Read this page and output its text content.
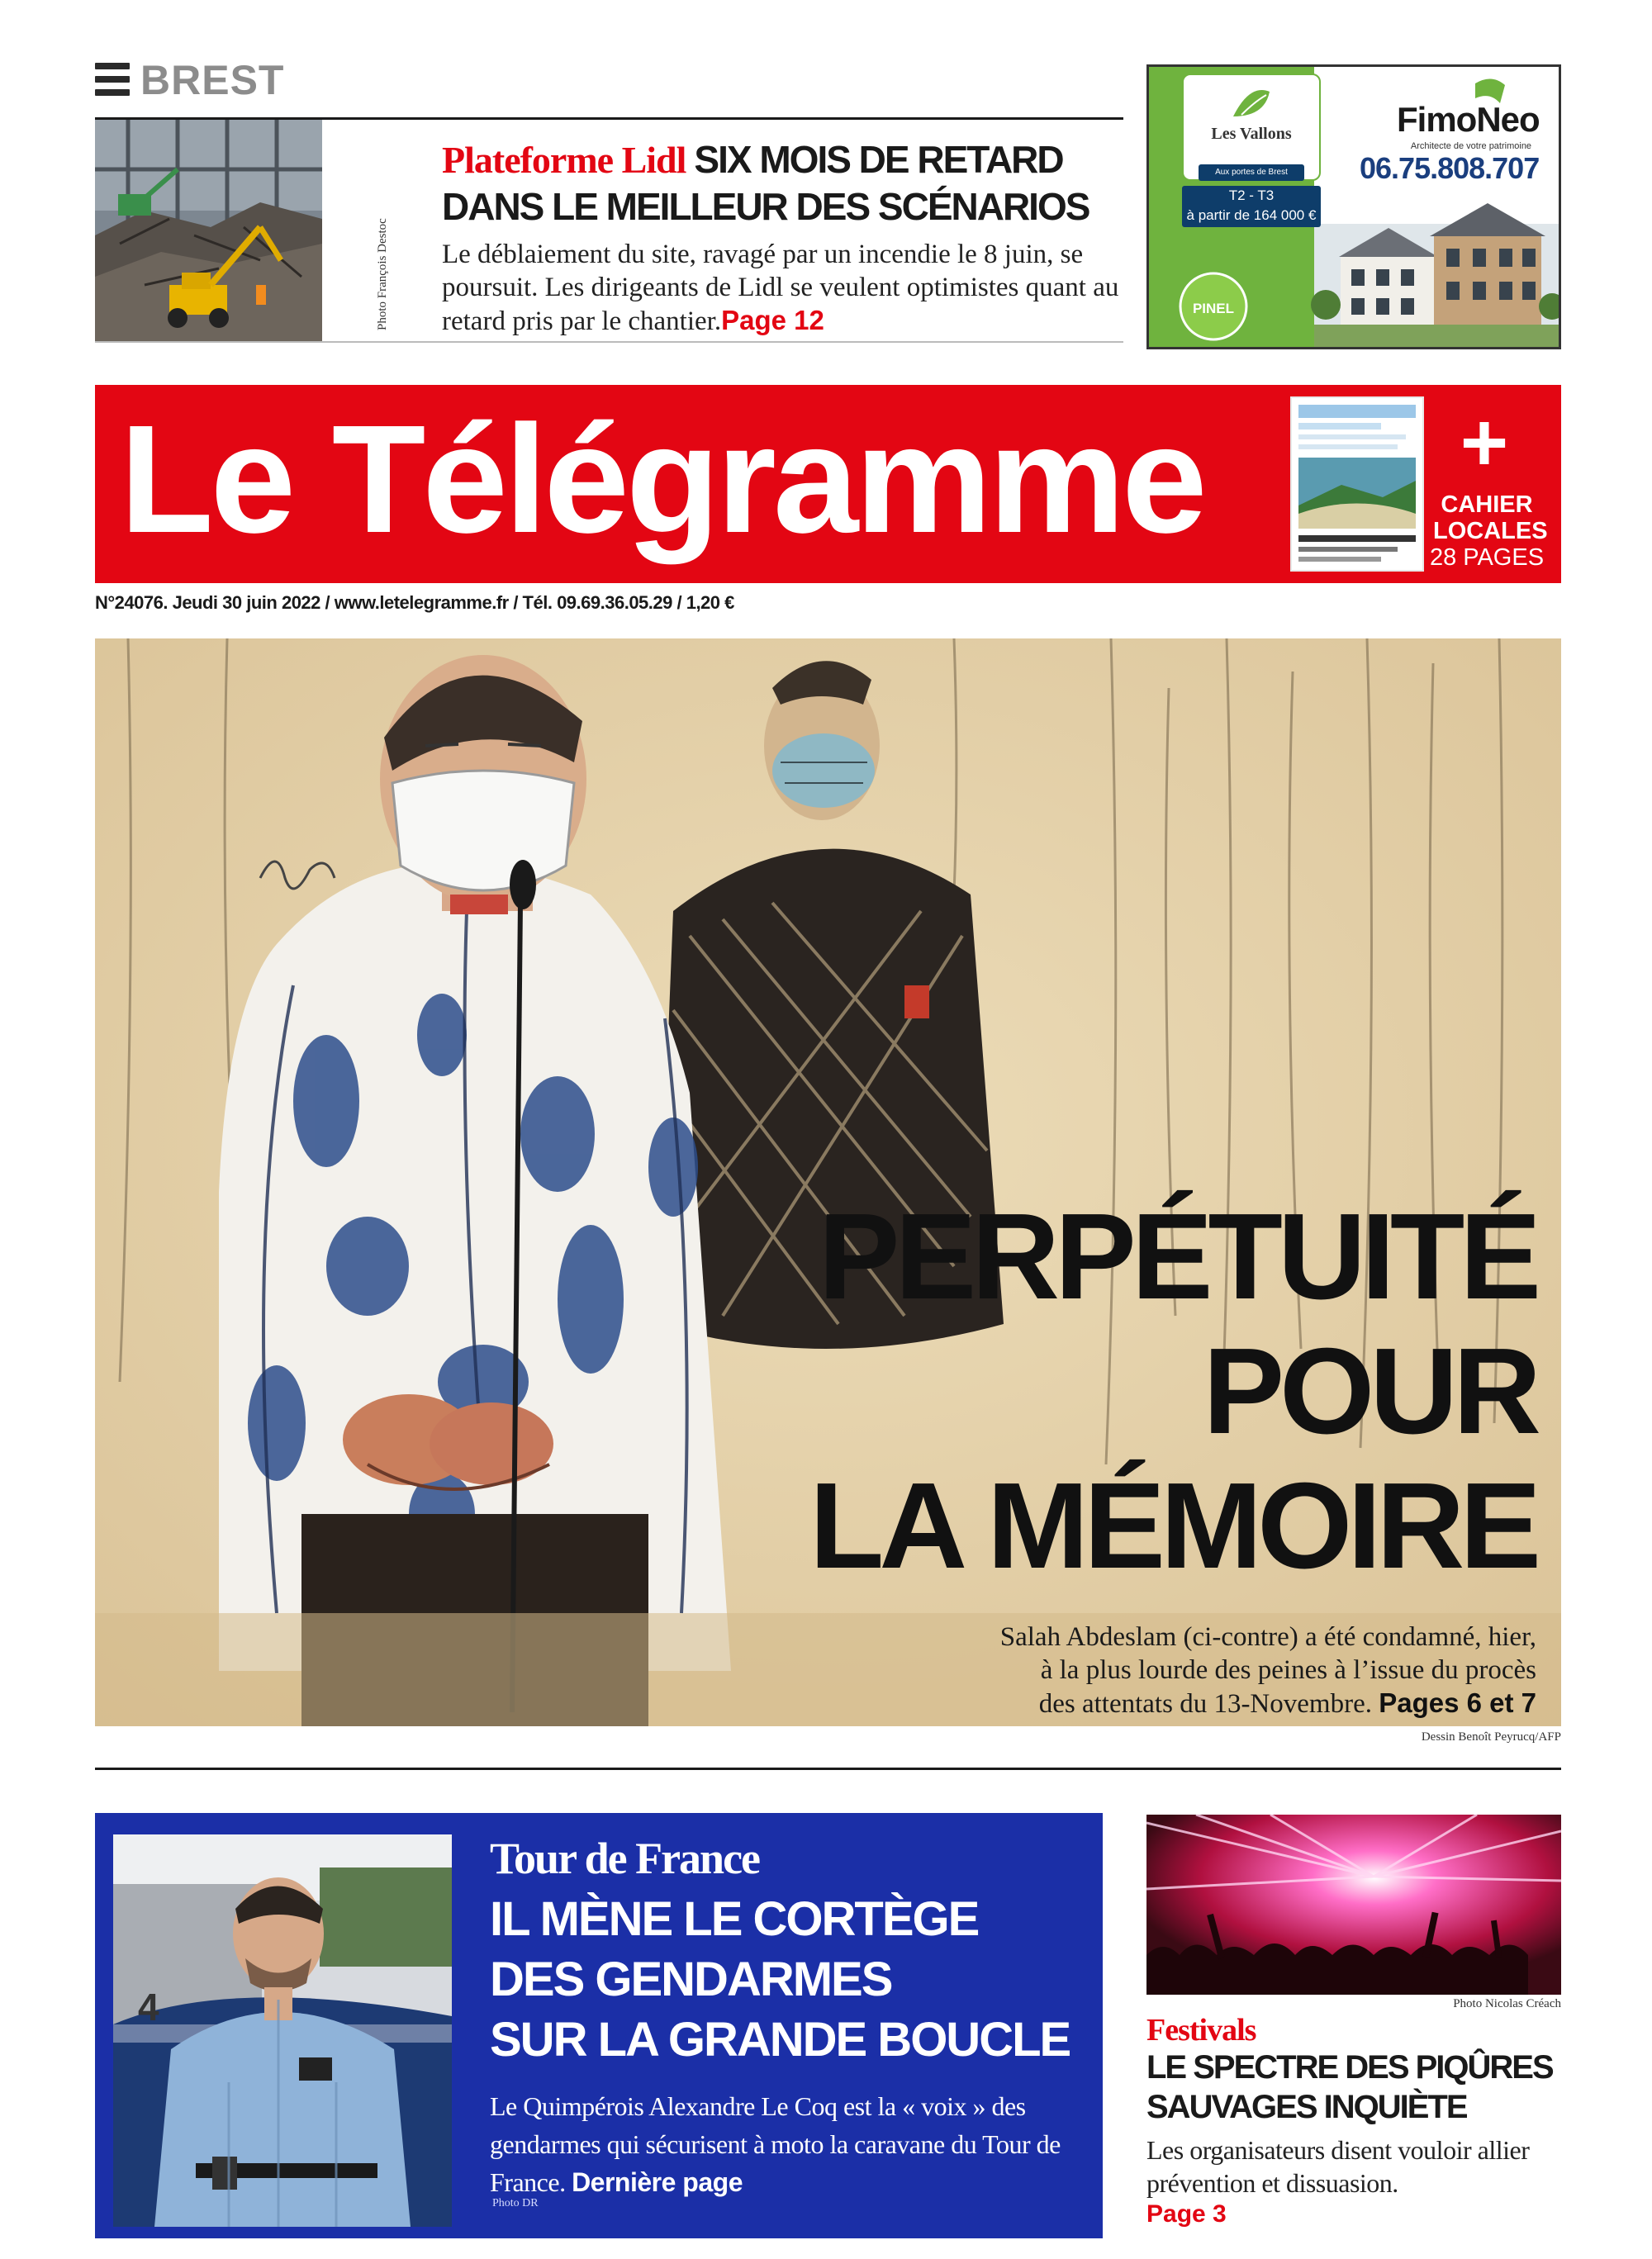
BREST
Photo François Destoc
Plateforme Lidl SIX MOIS DE RETARD DANS LE MEILLEUR DES SCÉNARIOS
Le déblaiement du site, ravagé par un incendie le 8 juin, se poursuit. Les dirigeants de Lidl se veulent optimistes quant au retard pris par le chantier.Page 12	PINEL
Les Vallons
Aux portes de Brest
T2 - T3
à partir de 164 000 €
FimoNeo
Architecte de votre patrimoine
06.75.808.707
Le Télégramme	+
CAHIER
LOCALES
28 PAGES
N°24076. Jeudi 30 juin 2022 / www.letelegramme.fr / Tél. 09.69.36.05.29 / 1,20 €
PERPÉTUITÉ
POUR
LA MÉMOIRE
Salah Abdeslam (ci-contre) a été condamné, hier,
à la plus lourde des peines à l’issue du procès
des attentats du 13-Novembre. Pages 6 et 7
Dessin Benoît Peyrucq/AFP
4
Tour de France
IL MÈNE LE CORTÈGE
DES GENDARMES
SUR LA GRANDE BOUCLE
Le Quimpérois Alexandre Le Coq est la « voix » des gendarmes qui sécurisent à moto la caravane du Tour de France. Dernière page
Photo DR
Photo Nicolas Créach
Festivals
LE SPECTRE DES PIQÛRES SAUVAGES INQUIÈTE
Les organisateurs disent vouloir allier prévention et dissuasion.
Page 3
